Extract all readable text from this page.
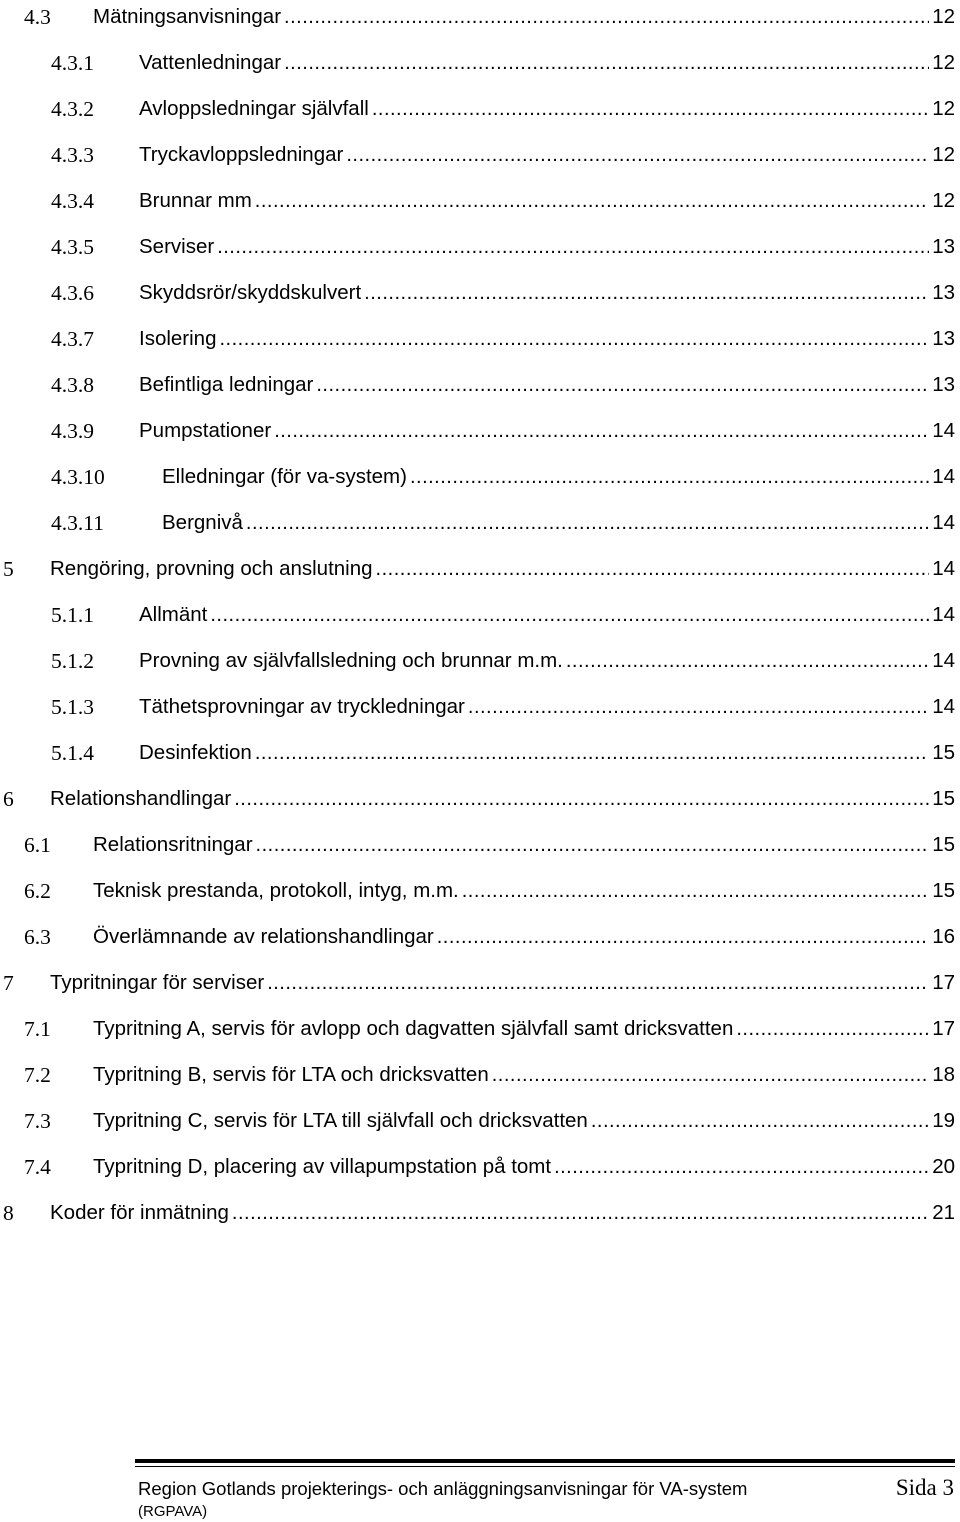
4.3 Mätningsanvisningar .....	12
4.3.1 Vattenledningar .....	12
4.3.2 Avloppsledningar självfall .....	12
4.3.3 Tryckavloppsledningar .....	12
4.3.4 Brunnar mm .....	12
4.3.5 Serviser .....	13
4.3.6 Skyddsrör/skyddskulvert .....	13
4.3.7 Isolering .....	13
4.3.8 Befintliga ledningar .....	13
4.3.9 Pumpstationer .....	14
4.3.10	Elledningar (för va-system) .....	14
4.3.11	Bergnivå .....	14
5 Rengöring, provning och anslutning .....	14
5.1.1 Allmänt .....	14
5.1.2 Provning av självfallsledning och brunnar m.m. .....	14
5.1.3 Täthetsprovningar av tryckledningar .....	14
5.1.4 Desinfektion .....	15
6 Relationshandlingar .....	15
6.1 Relationsritningar .....	15
6.2 Teknisk prestanda, protokoll, intyg, m.m. .....	15
6.3 Överlämnande av relationshandlingar .....	16
7 Typritningar för serviser .....	17
7.1 Typritning A, servis för avlopp och dagvatten självfall samt dricksvatten .....	17
7.2 Typritning B, servis för LTA och dricksvatten .....	18
7.3 Typritning C, servis för LTA till självfall och dricksvatten .....	19
7.4 Typritning D, placering av villapumpstation på tomt .....	20
8 Koder för inmätning .....	21
Region Gotlands projekterings- och anläggningsanvisningar för VA-system
(RGPAVA)
Sida 3
